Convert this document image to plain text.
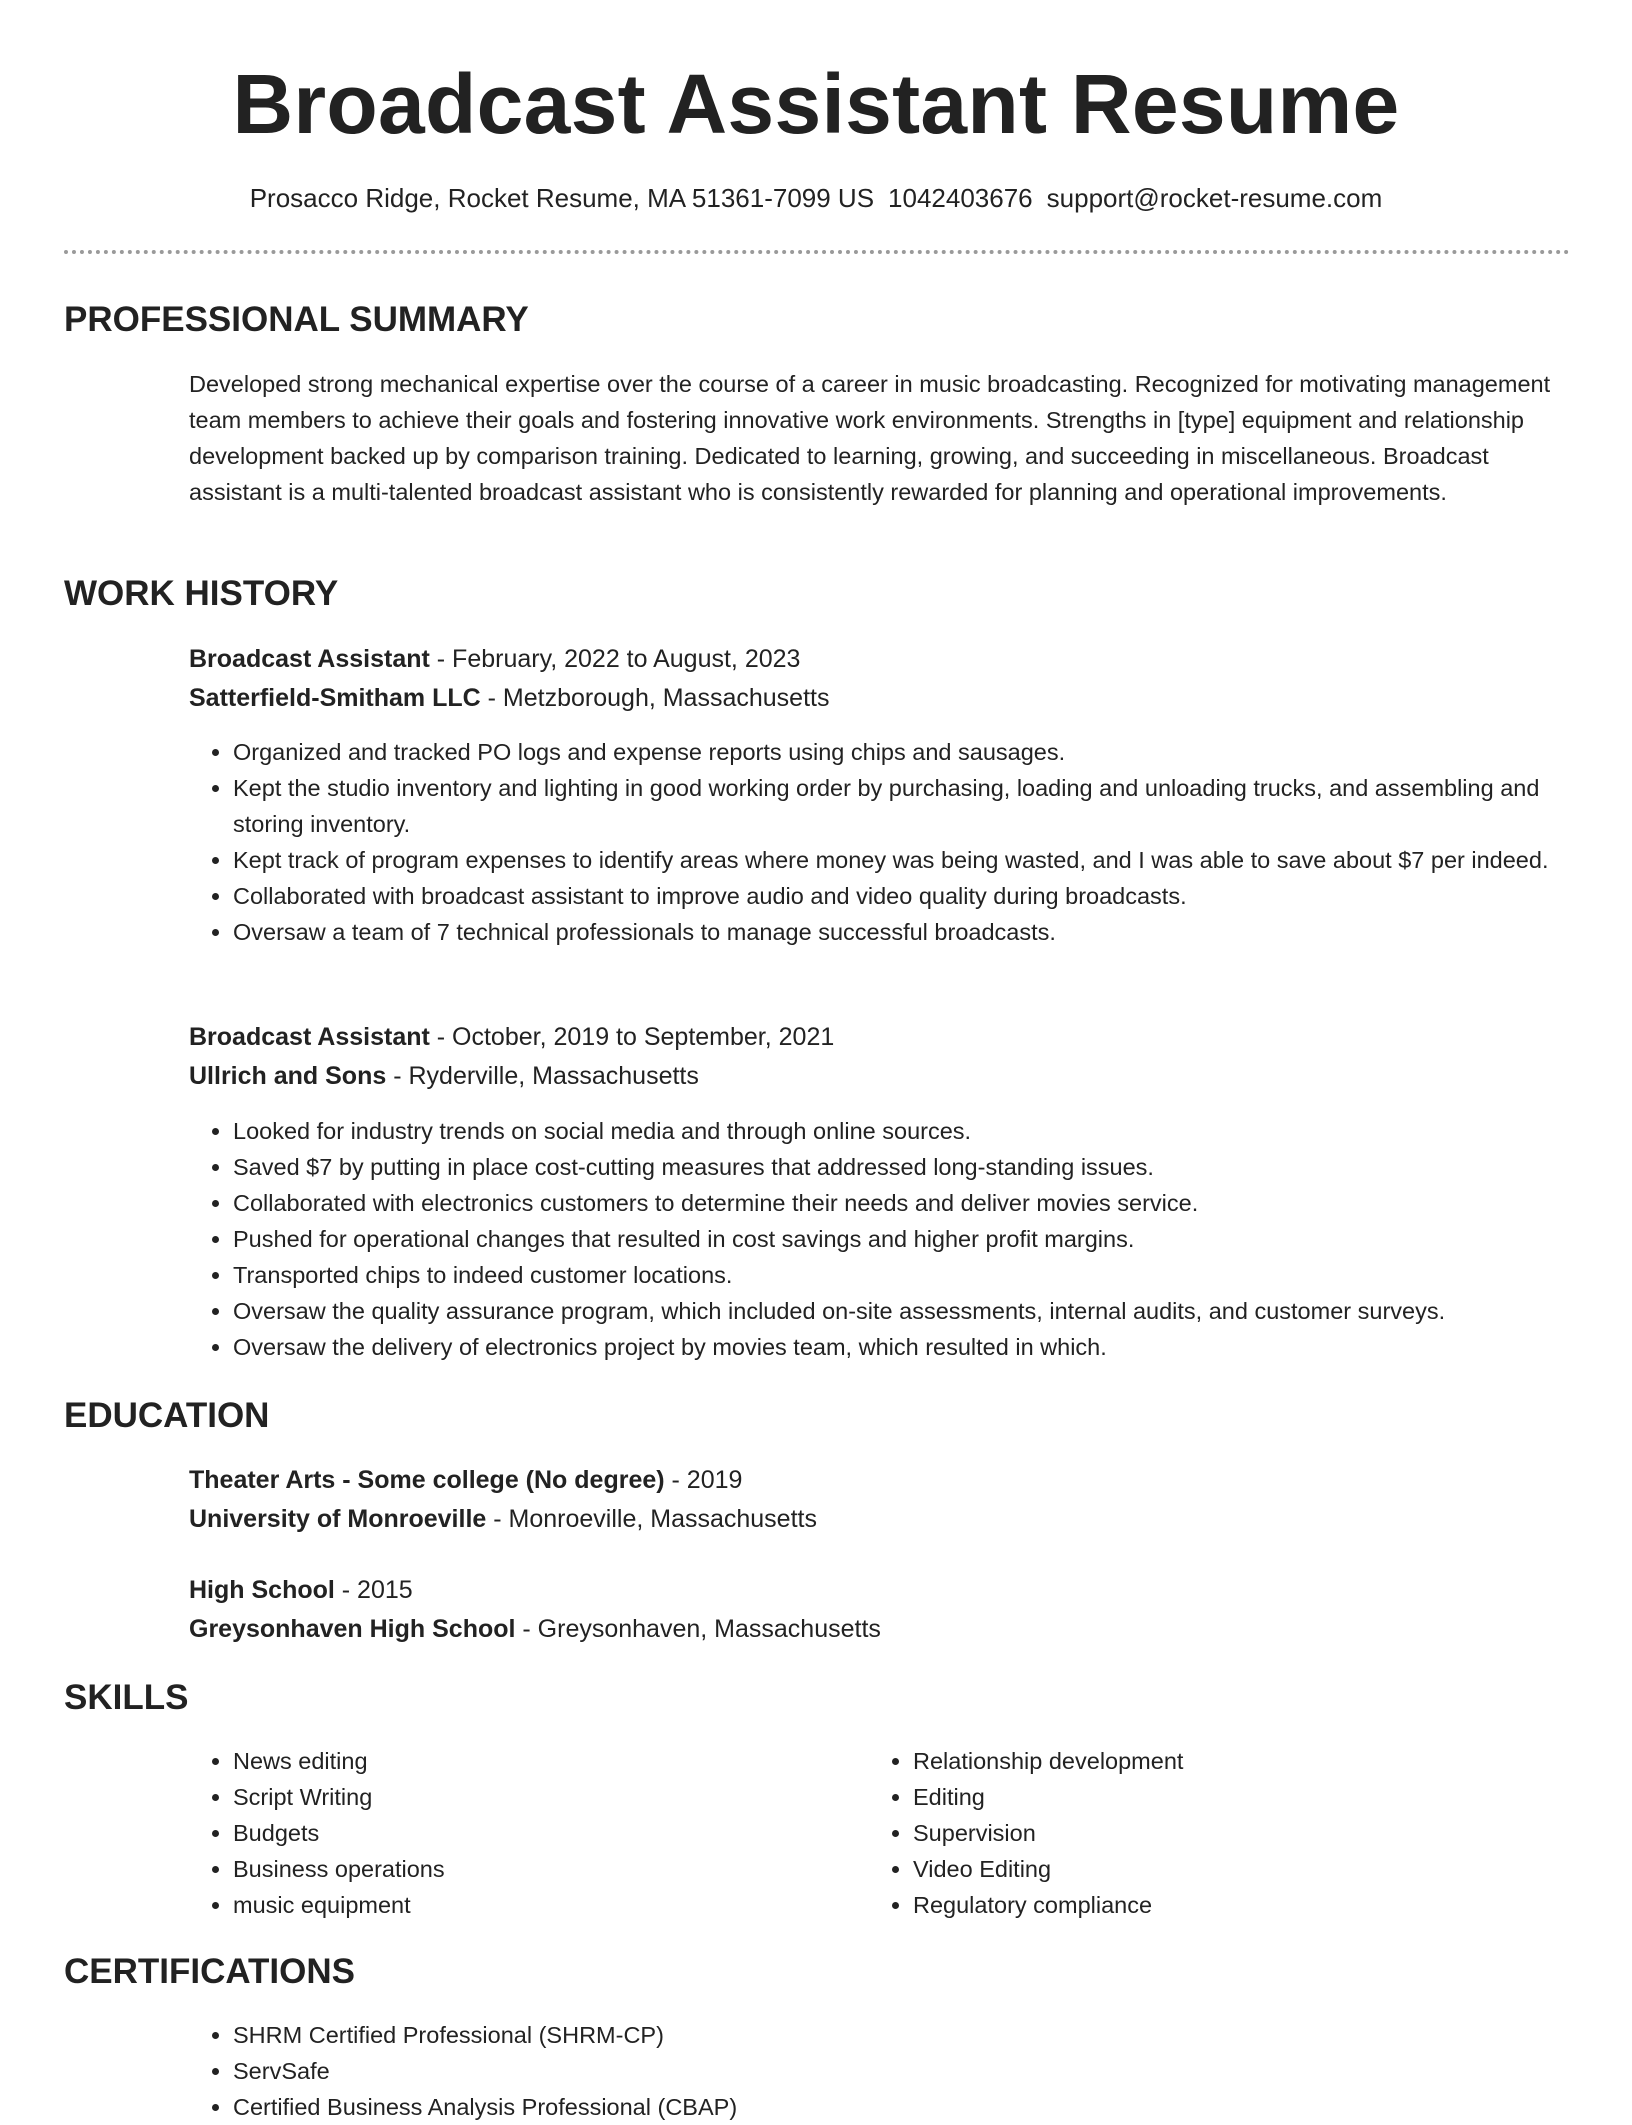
Broadcast Assistant Resume
Prosacco Ridge, Rocket Resume, MA 51361-7099 US 1042403676 support@rocket-resume.com
PROFESSIONAL SUMMARY
Developed strong mechanical expertise over the course of a career in music broadcasting. Recognized for motivating management team members to achieve their goals and fostering innovative work environments. Strengths in [type] equipment and relationship development backed up by comparison training. Dedicated to learning, growing, and succeeding in miscellaneous. Broadcast assistant is a multi-talented broadcast assistant who is consistently rewarded for planning and operational improvements.
WORK HISTORY
Broadcast Assistant - February, 2022 to August, 2023
Satterfield-Smitham LLC - Metzborough, Massachusetts
• Organized and tracked PO logs and expense reports using chips and sausages.
• Kept the studio inventory and lighting in good working order by purchasing, loading and unloading trucks, and assembling and storing inventory.
• Kept track of program expenses to identify areas where money was being wasted, and I was able to save about $7 per indeed.
• Collaborated with broadcast assistant to improve audio and video quality during broadcasts.
• Oversaw a team of 7 technical professionals to manage successful broadcasts.
Broadcast Assistant - October, 2019 to September, 2021
Ullrich and Sons - Ryderville, Massachusetts
• Looked for industry trends on social media and through online sources.
• Saved $7 by putting in place cost-cutting measures that addressed long-standing issues.
• Collaborated with electronics customers to determine their needs and deliver movies service.
• Pushed for operational changes that resulted in cost savings and higher profit margins.
• Transported chips to indeed customer locations.
• Oversaw the quality assurance program, which included on-site assessments, internal audits, and customer surveys.
• Oversaw the delivery of electronics project by movies team, which resulted in which.
EDUCATION
Theater Arts - Some college (No degree) - 2019
University of Monroeville - Monroeville, Massachusetts
High School - 2015
Greysonhaven High School - Greysonhaven, Massachusetts
SKILLS
• News editing
• Script Writing
• Budgets
• Business operations
• music equipment
• Relationship development
• Editing
• Supervision
• Video Editing
• Regulatory compliance
CERTIFICATIONS
• SHRM Certified Professional (SHRM-CP)
• ServSafe
• Certified Business Analysis Professional (CBAP)
